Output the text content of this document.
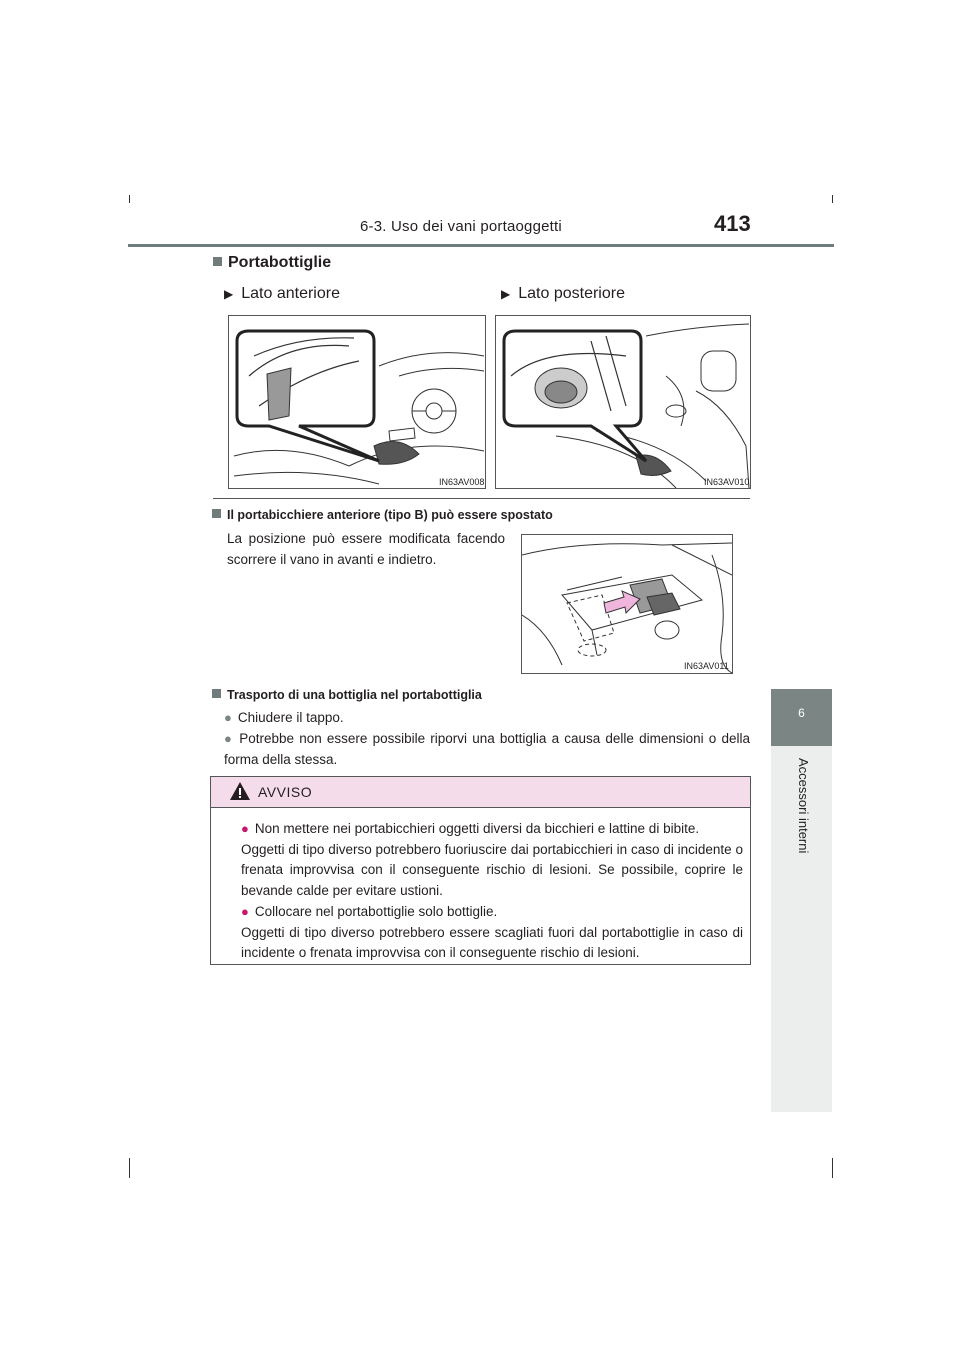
6-3. Uso dei vani portaoggetti	413
6
Accessori interni
Portabottiglie
▶ Lato anteriore	▶ Lato posteriore
IN63AV008	IN63AV010
Il portabicchiere anteriore (tipo B) può essere spostato
La posizione può essere modificata facendo scorrere il vano in avanti e indietro.
IN63AV011
Trasporto di una bottiglia nel portabottiglia
● Chiudere il tappo.
● Potrebbe non essere possibile riporvi una bottiglia a causa delle dimensioni o della forma della stessa.
AVVISO
● Non mettere nei portabicchieri oggetti diversi da bicchieri e lattine di bibite.
Oggetti di tipo diverso potrebbero fuoriuscire dai portabicchieri in caso di incidente o frenata improvvisa con il conseguente rischio di lesioni. Se possibile, coprire le bevande calde per evitare ustioni.
● Collocare nel portabottiglie solo bottiglie.
Oggetti di tipo diverso potrebbero essere scagliati fuori dal portabottiglie in caso di incidente o frenata improvvisa con il conseguente rischio di lesioni.
